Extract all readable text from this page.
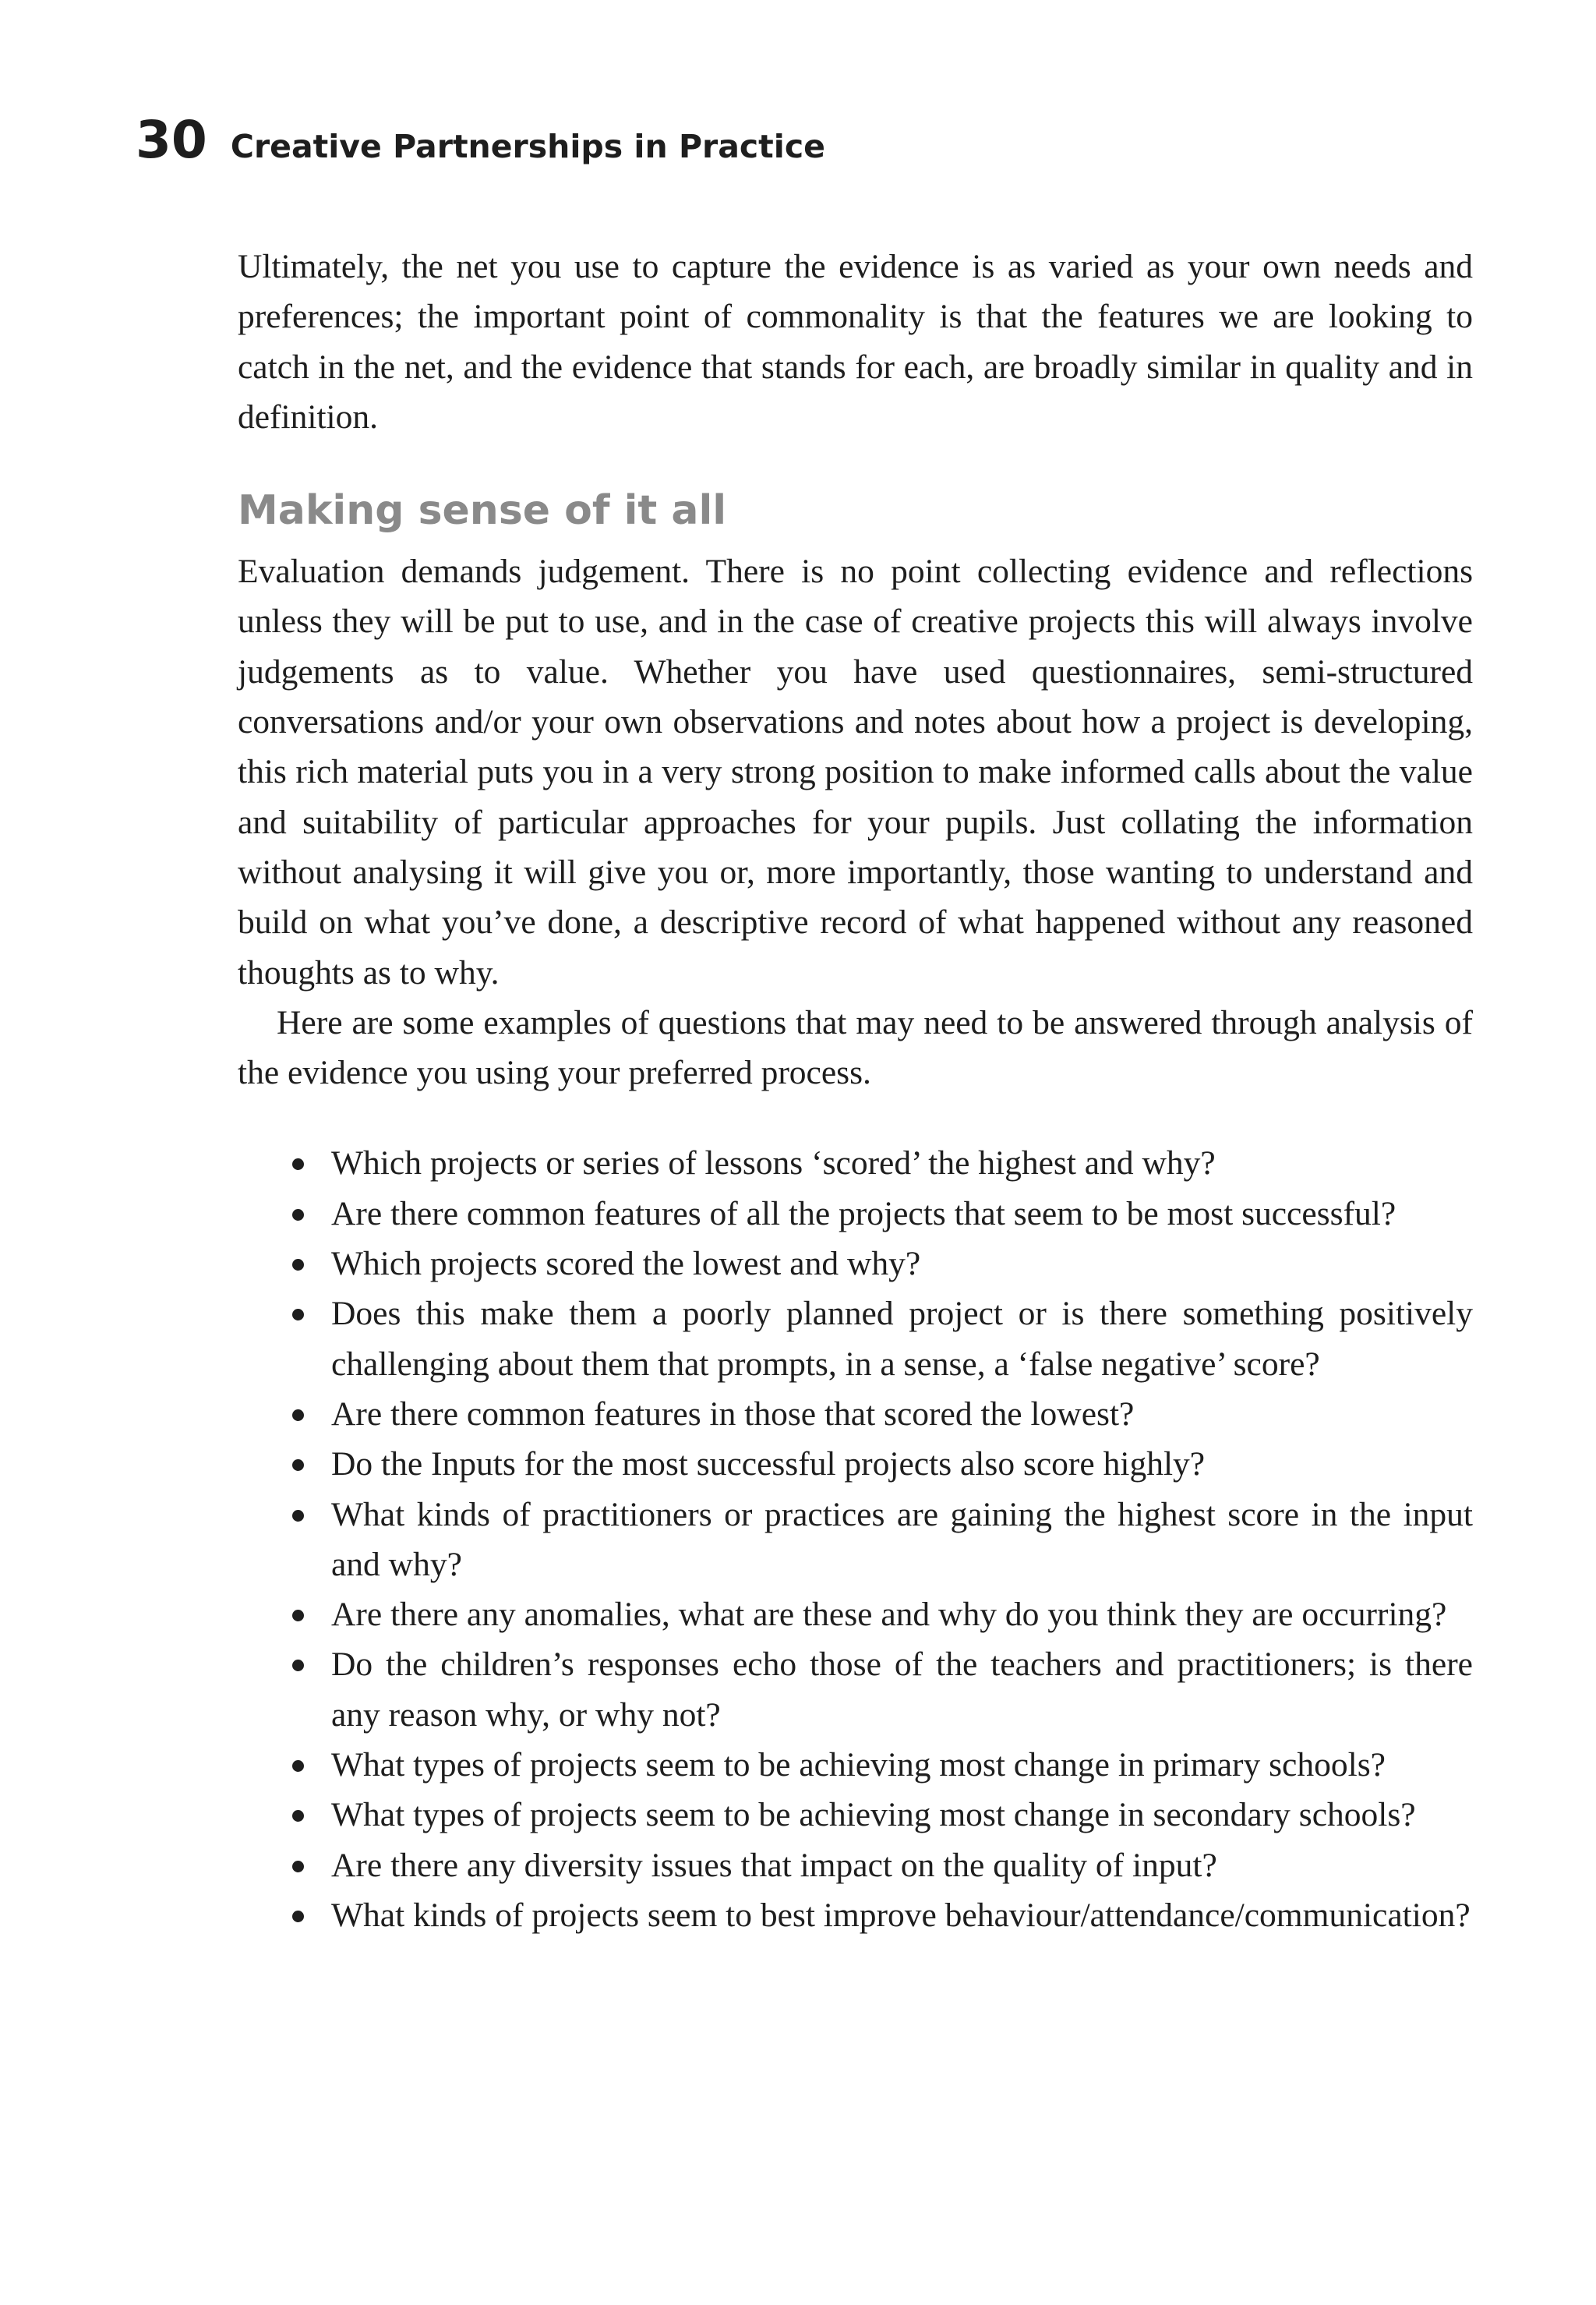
30 Creative Partnerships in Practice

Ultimately, the net you use to capture the evidence is as varied as your own needs and preferences; the important point of commonality is that the features we are looking to catch in the net, and the evidence that stands for each, are broadly similar in quality and in definition.

Making sense of it all

Evaluation demands judgement. There is no point collecting evidence and reflections unless they will be put to use, and in the case of creative projects this will always involve judgements as to value. Whether you have used questionnaires, semi-structured conversations and/or your own observations and notes about how a project is developing, this rich material puts you in a very strong position to make informed calls about the value and suitability of particular approaches for your pupils. Just collating the information without analysing it will give you or, more importantly, those wanting to understand and build on what you’ve done, a descriptive record of what happened without any reasoned thoughts as to why.

Here are some examples of questions that may need to be answered through analysis of the evidence you using your preferred process.

Which projects or series of lessons ‘scored’ the highest and why?
Are there common features of all the projects that seem to be most successful?
Which projects scored the lowest and why?
Does this make them a poorly planned project or is there something positively challenging about them that prompts, in a sense, a ‘false negative’ score?
Are there common features in those that scored the lowest?
Do the Inputs for the most successful projects also score highly?
What kinds of practitioners or practices are gaining the highest score in the input and why?
Are there any anomalies, what are these and why do you think they are occurring?
Do the children’s responses echo those of the teachers and practitioners; is there any reason why, or why not?
What types of projects seem to be achieving most change in primary schools?
What types of projects seem to be achieving most change in secondary schools?
Are there any diversity issues that impact on the quality of input?
What kinds of projects seem to best improve behaviour/attendance/​communication?
